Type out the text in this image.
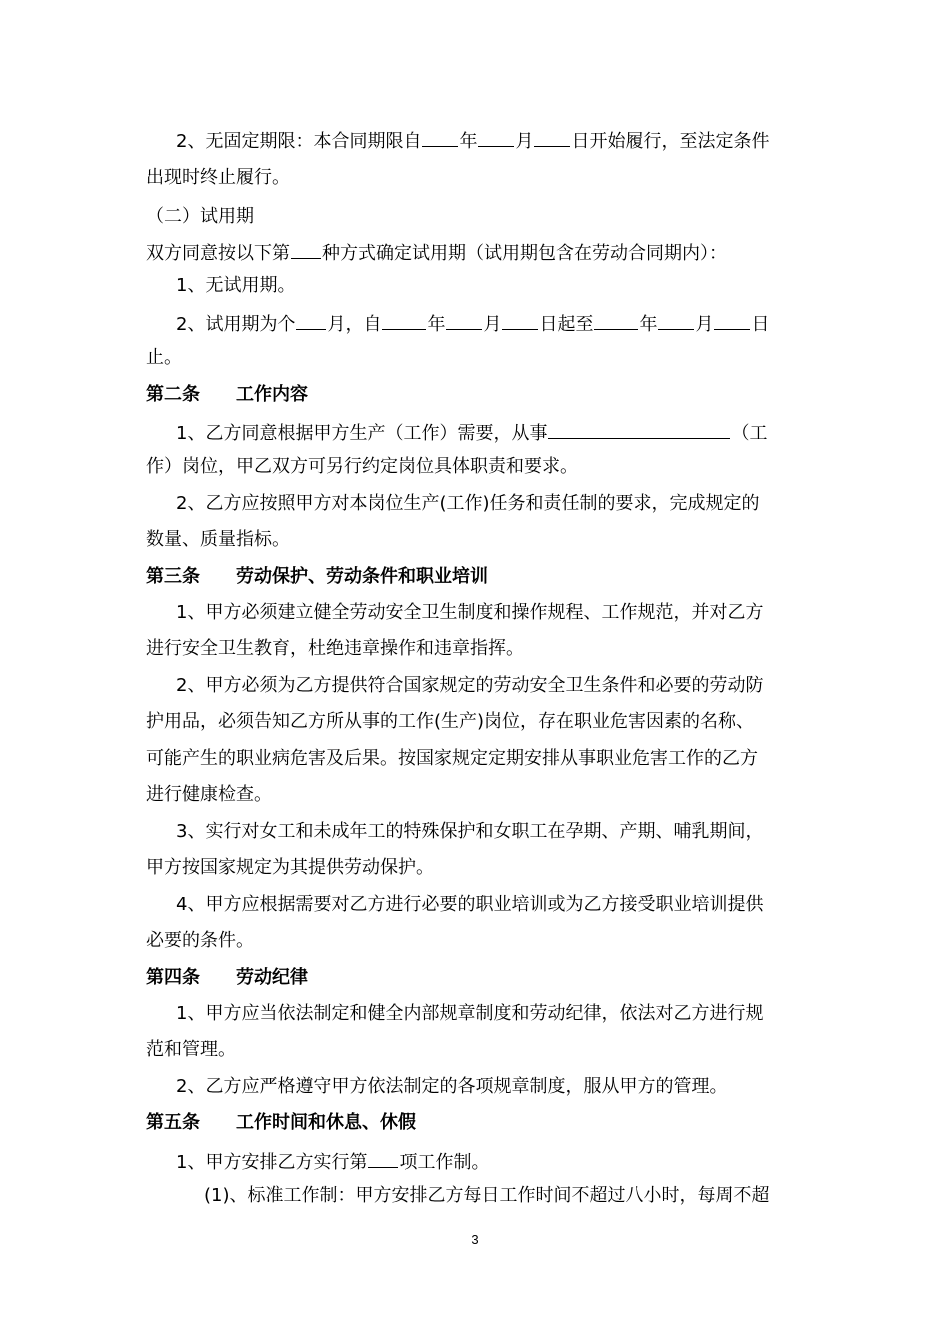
2、无固定期限：本合同期限自 年 月 日开始履行，至法定条件
出现时终止履行。
（二）试用期
双方同意按以下第 种方式确定试用期（试用期包含在劳动合同期内）：
1、无试用期。
2、试用期为个 月，自	年 月 日起至	年 月 日
止。
第二条　　工作内容
1、乙方同意根据甲方生产（工作）需要，从事	（工
作）岗位，甲乙双方可另行约定岗位具体职责和要求。
2、乙方应按照甲方对本岗位生产(工作)任务和责任制的要求，完成规定的
数量、质量指标。
第三条　　劳动保护、劳动条件和职业培训
1、甲方必须建立健全劳动安全卫生制度和操作规程、工作规范，并对乙方
进行安全卫生教育，杜绝违章操作和违章指挥。
2、甲方必须为乙方提供符合国家规定的劳动安全卫生条件和必要的劳动防
护用品，必须告知乙方所从事的工作(生产)岗位，存在职业危害因素的名称、
可能产生的职业病危害及后果。按国家规定定期安排从事职业危害工作的乙方
进行健康检查。
3、实行对女工和未成年工的特殊保护和女职工在孕期、产期、哺乳期间，
甲方按国家规定为其提供劳动保护。
4、甲方应根据需要对乙方进行必要的职业培训或为乙方接受职业培训提供
必要的条件。
第四条　　劳动纪律
1、甲方应当依法制定和健全内部规章制度和劳动纪律，依法对乙方进行规
范和管理。
2、乙方应严格遵守甲方依法制定的各项规章制度，服从甲方的管理。
第五条　　工作时间和休息、休假
1、甲方安排乙方实行第 项工作制。
(1)、标准工作制：甲方安排乙方每日工作时间不超过八小时，每周不超
3
